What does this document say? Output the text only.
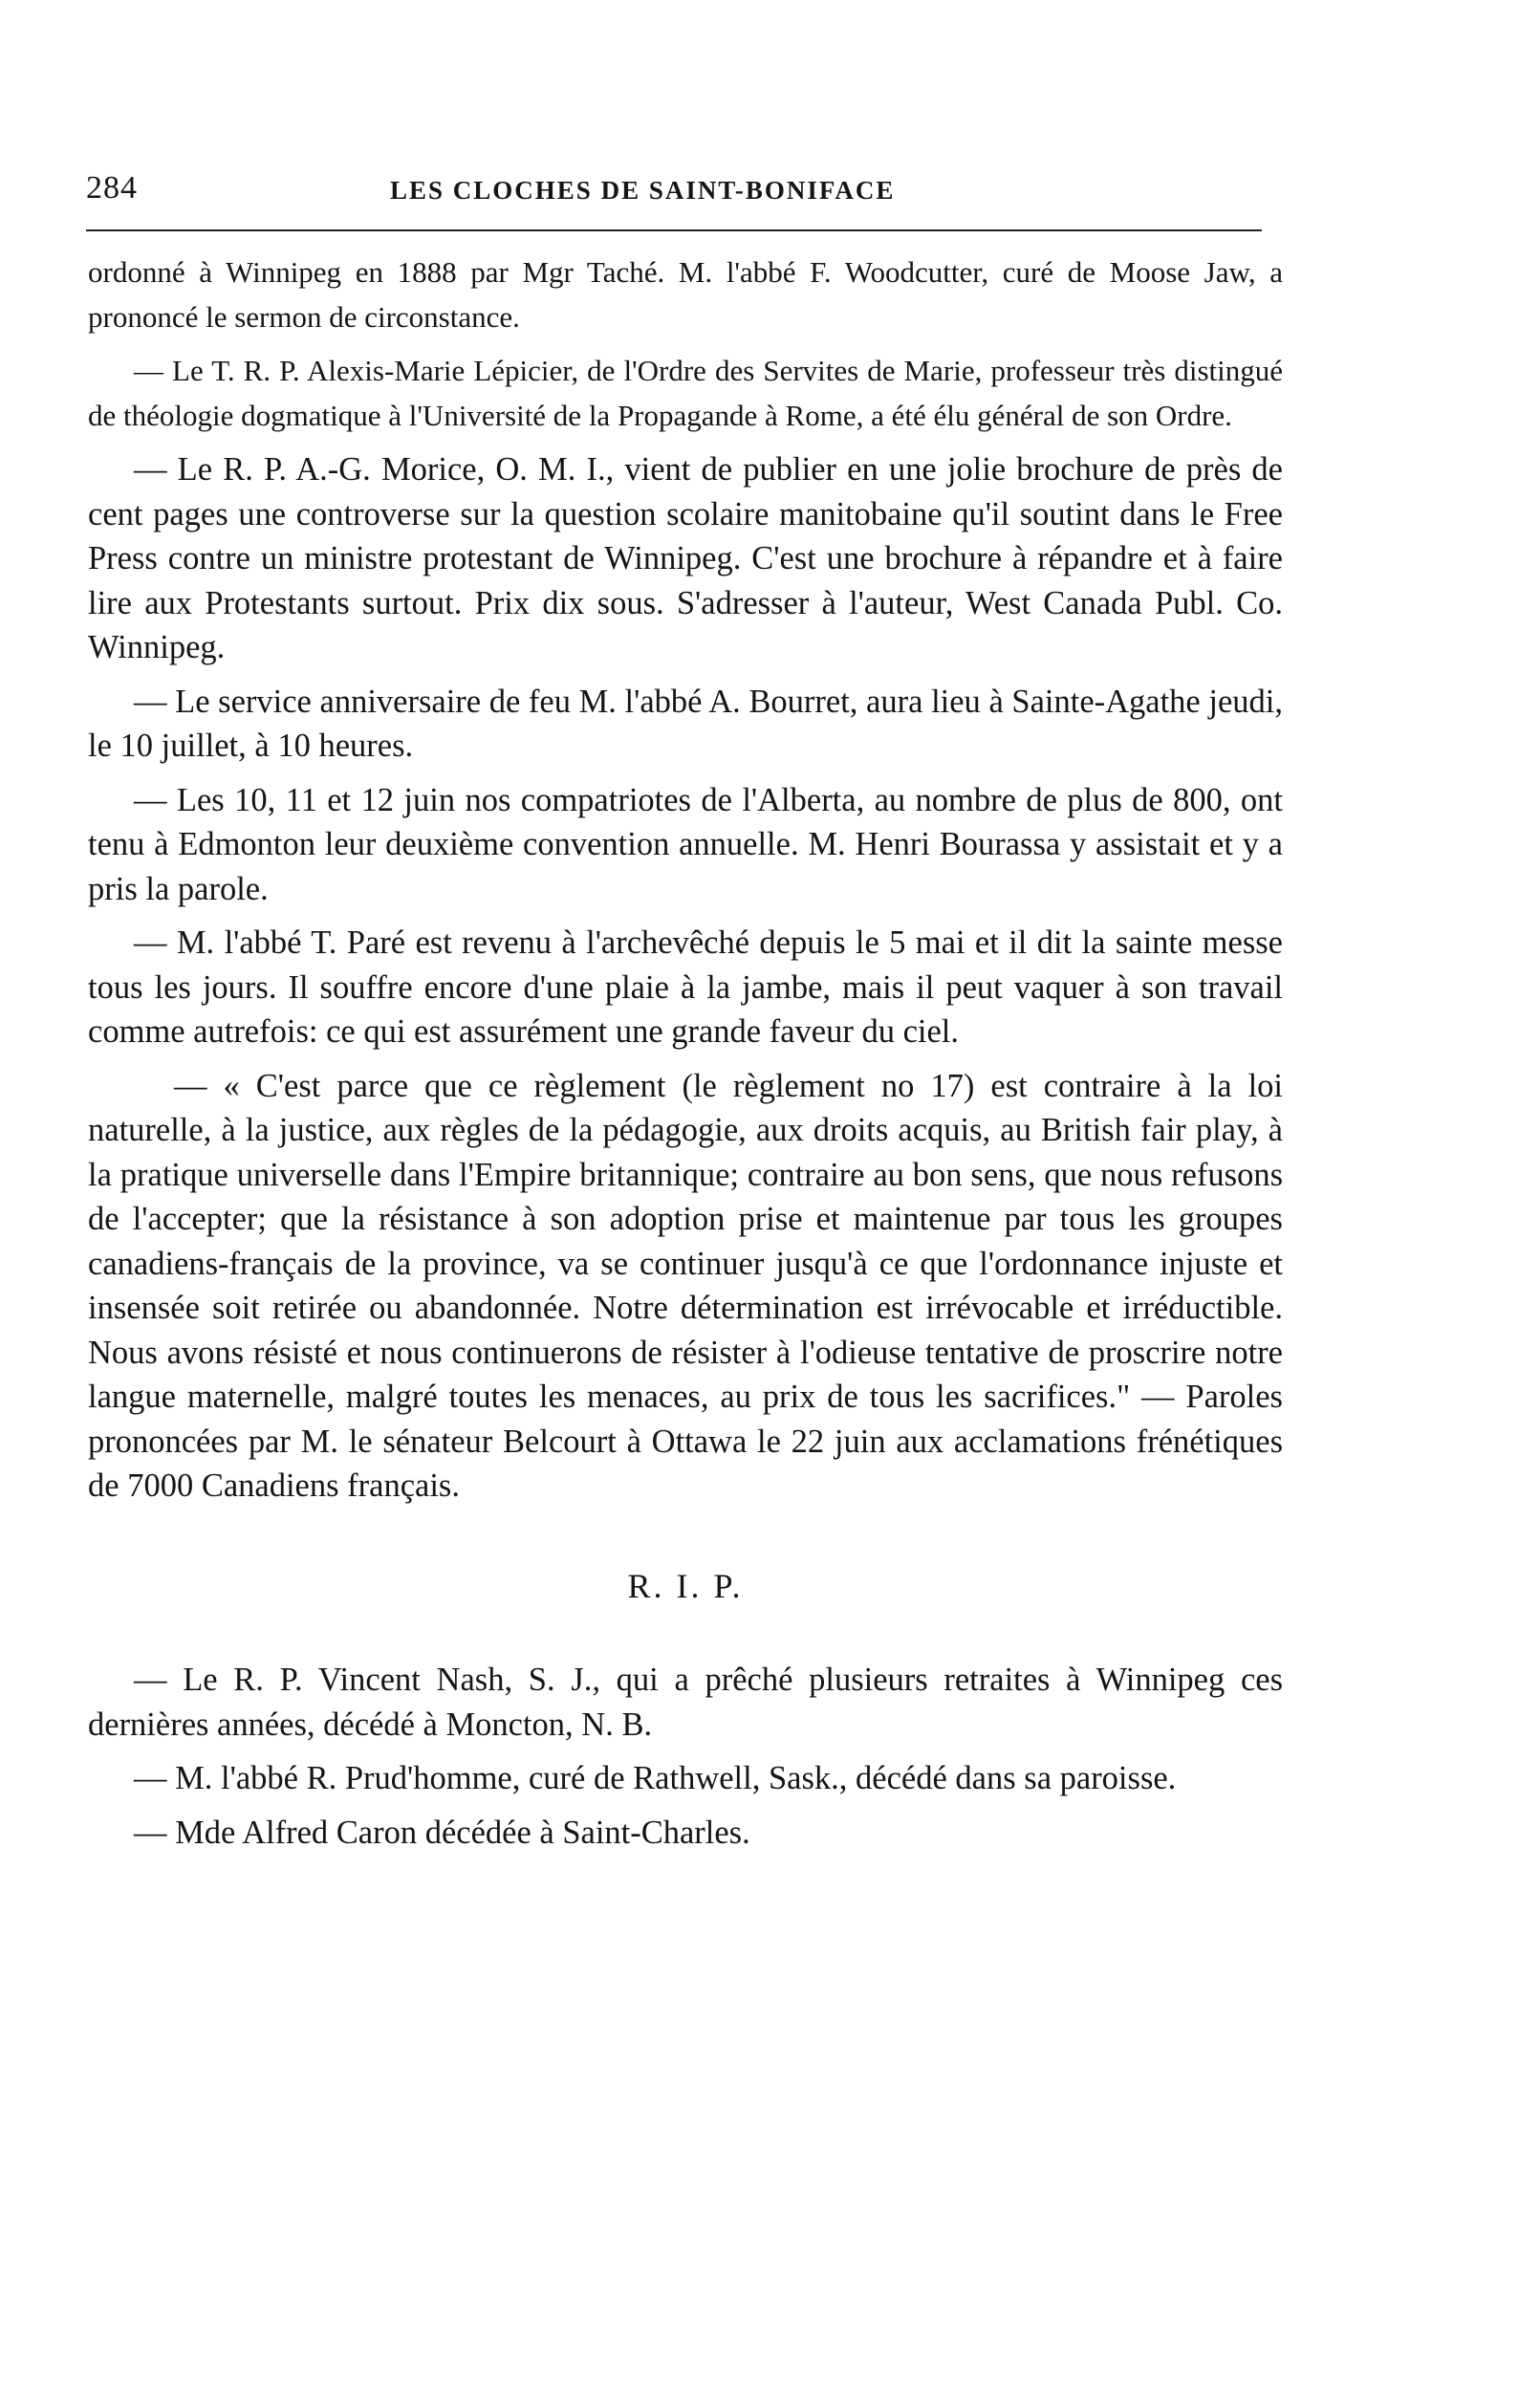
284	LES CLOCHES DE SAINT-BONIFACE

ordonné à Winnipeg en 1888 par Mgr Taché. M. l'abbé F. Woodcutter, curé de Moose Jaw, a prononcé le sermon de circonstance.

— Le T. R. P. Alexis-Marie Lépicier, de l'Ordre des Servites de Marie, professeur très distingué de théologie dogmatique à l'Université de la Propagande à Rome, a été élu général de son Ordre.

— Le R. P. A.-G. Morice, O. M. I., vient de publier en une jolie brochure de près de cent pages une controverse sur la question scolaire manitobaine qu'il soutint dans le Free Press contre un ministre protestant de Winnipeg. C'est une brochure à répandre et à faire lire aux Protestants surtout. Prix dix sous. S'adresser à l'auteur, West Canada Publ. Co. Winnipeg.

— Le service anniversaire de feu M. l'abbé A. Bourret, aura lieu à Sainte-Agathe jeudi, le 10 juillet, à 10 heures.

— Les 10, 11 et 12 juin nos compatriotes de l'Alberta, au nombre de plus de 800, ont tenu à Edmonton leur deuxième convention annuelle. M. Henri Bourassa y assistait et y a pris la parole.

— M. l'abbé T. Paré est revenu à l'archevêché depuis le 5 mai et il dit la sainte messe tous les jours. Il souffre encore d'une plaie à la jambe, mais il peut vaquer à son travail comme autrefois: ce qui est assurément une grande faveur du ciel.

— « C'est parce que ce règlement (le règlement no 17) est contraire à la loi naturelle, à la justice, aux règles de la pédagogie, aux droits acquis, au British fair play, à la pratique universelle dans l'Empire britannique; contraire au bon sens, que nous refusons de l'accepter; que la résistance à son adoption prise et maintenue par tous les groupes canadiens-français de la province, va se continuer jusqu'à ce que l'ordonnance injuste et insensée soit retirée ou abandonnée. Notre détermination est irrévocable et irréductible. Nous avons résisté et nous continuerons de résister à l'odieuse tentative de proscrire notre langue maternelle, malgré toutes les menaces, au prix de tous les sacrifices." — Paroles prononcées par M. le sénateur Belcourt à Ottawa le 22 juin aux acclamations frénétiques de 7000 Canadiens français.

R. I. P.

— Le R. P. Vincent Nash, S. J., qui a prêché plusieurs retraites à Winnipeg ces dernières années, décédé à Moncton, N. B.

— M. l'abbé R. Prud'homme, curé de Rathwell, Sask., décédé dans sa paroisse.

— Mde Alfred Caron décédée à Saint-Charles.
